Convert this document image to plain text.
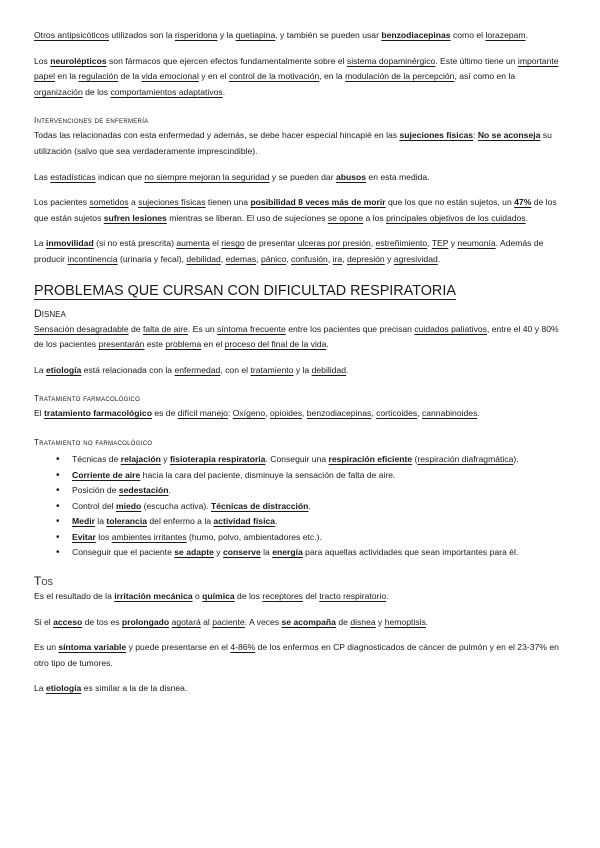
Otros antipsicóticos utilizados son la risperidona y la quetiapina, y también se pueden usar benzodiacepinas como el lorazepam.

Los neurolépticos son fármacos que ejercen efectos fundamentalmente sobre el sistema dopaminérgico. Este último tiene un importante papel en la regulación de la vida emocional y en el control de la motivación, en la modulación de la percepción, así como en la organización de los comportamientos adaptativos.

Intervenciones de enfermería

Todas las relacionadas con esta enfermedad y además, se debe hacer especial hincapié en las sujeciones físicas: No se aconseja su utilización (salvo que sea verdaderamente imprescindible).

Las estadísticas indican que no siempre mejoran la seguridad y se pueden dar abusos en esta medida.

Los pacientes sometidos a sujeciones físicas tienen una posibilidad 8 veces más de morir que los que no están sujetos, un 47% de los que están sujetos sufren lesiones mientras se liberan. El uso de sujeciones se opone a los principales objetivos de los cuidados.

La inmovilidad (si no está prescrita) aumenta el riesgo de presentar ulceras por presión, estreñimiento, TEP y neumonía. Además de producir incontinencia (urinaria y fecal), debilidad, edemas, pánico, confusión, ira, depresión y agresividad.

PROBLEMAS QUE CURSAN CON DIFICULTAD RESPIRATORIA
Disnea

Sensación desagradable de falta de aire. Es un síntoma frecuente entre los pacientes que precisan cuidados paliativos, entre el 40 y 80% de los pacientes presentarán este problema en el proceso del final de la vida.

La etiología está relacionada con la enfermedad, con el tratamiento y la debilidad.

Tratamiento farmacológico

El tratamiento farmacológico es de difícil manejo: Oxígeno, opioides, benzodiacepinas, corticoides, cannabinoides.

Tratamiento no farmacológico
• Técnicas de relajación y fisioterapia respiratoria. Conseguir una respiración eficiente (respiración diafragmática).
• Corriente de aire hacia la cara del paciente, disminuye la sensación de falta de aire.
• Posición de sedestación.
• Control del miedo (escucha activa). Técnicas de distracción.
• Medir la tolerancia del enfermo a la actividad física.
• Evitar los ambientes irritantes (humo, polvo, ambientadores etc.).
• Conseguir que el paciente se adapte y conserve la energía para aquellas actividades que sean importantes para él.
Tos

Es el resultado de la irritación mecánica o química de los receptores del tracto respiratorio.

Si el acceso de tos es prolongado agotará al paciente. A veces se acompaña de disnea y hemoptisis.

Es un síntoma variable y puede presentarse en el 4-86% de los enfermos en CP diagnosticados de cáncer de pulmón y en el 23-37% en otro tipo de tumores.

La etiología es similar a la de la disnea.
